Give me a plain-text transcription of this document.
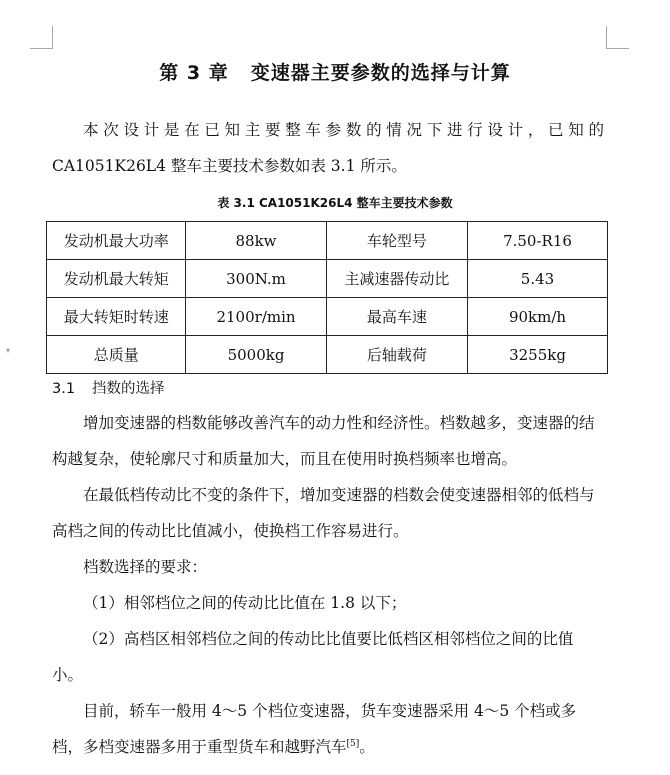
▾
第 3 章 变速器主要参数的选择与计算
本次设计是在已知主要整车参数的情况下进行设计，已知的
CA1051K26L4 整车主要技术参数如表 3.1 所示。
表 3.1 CA1051K26L4 整车主要技术参数
发动机最大功率	88kw	车轮型号	7.50-R16
发动机最大转矩	300N.m	主减速器传动比	5.43
最大转矩时转速	2100r/min	最高车速	90km/h
总质量	5000kg	后轴载荷	3255kg
3.1 挡数的选择
增加变速器的档数能够改善汽车的动力性和经济性。档数越多，变速器的结构越复杂，使轮廓尺寸和质量加大，而且在使用时换档频率也增高。
在最低档传动比不变的条件下，增加变速器的档数会使变速器相邻的低档与高档之间的传动比比值减小，使换档工作容易进行。
档数选择的要求：
（1）相邻档位之间的传动比比值在 1.8 以下；
（2）高档区相邻档位之间的传动比比值要比低档区相邻档位之间的比值小。
目前，轿车一般用 4～5 个档位变速器，货车变速器采用 4～5 个档或多档，多档变速器多用于重型货车和越野汽车[5]。
